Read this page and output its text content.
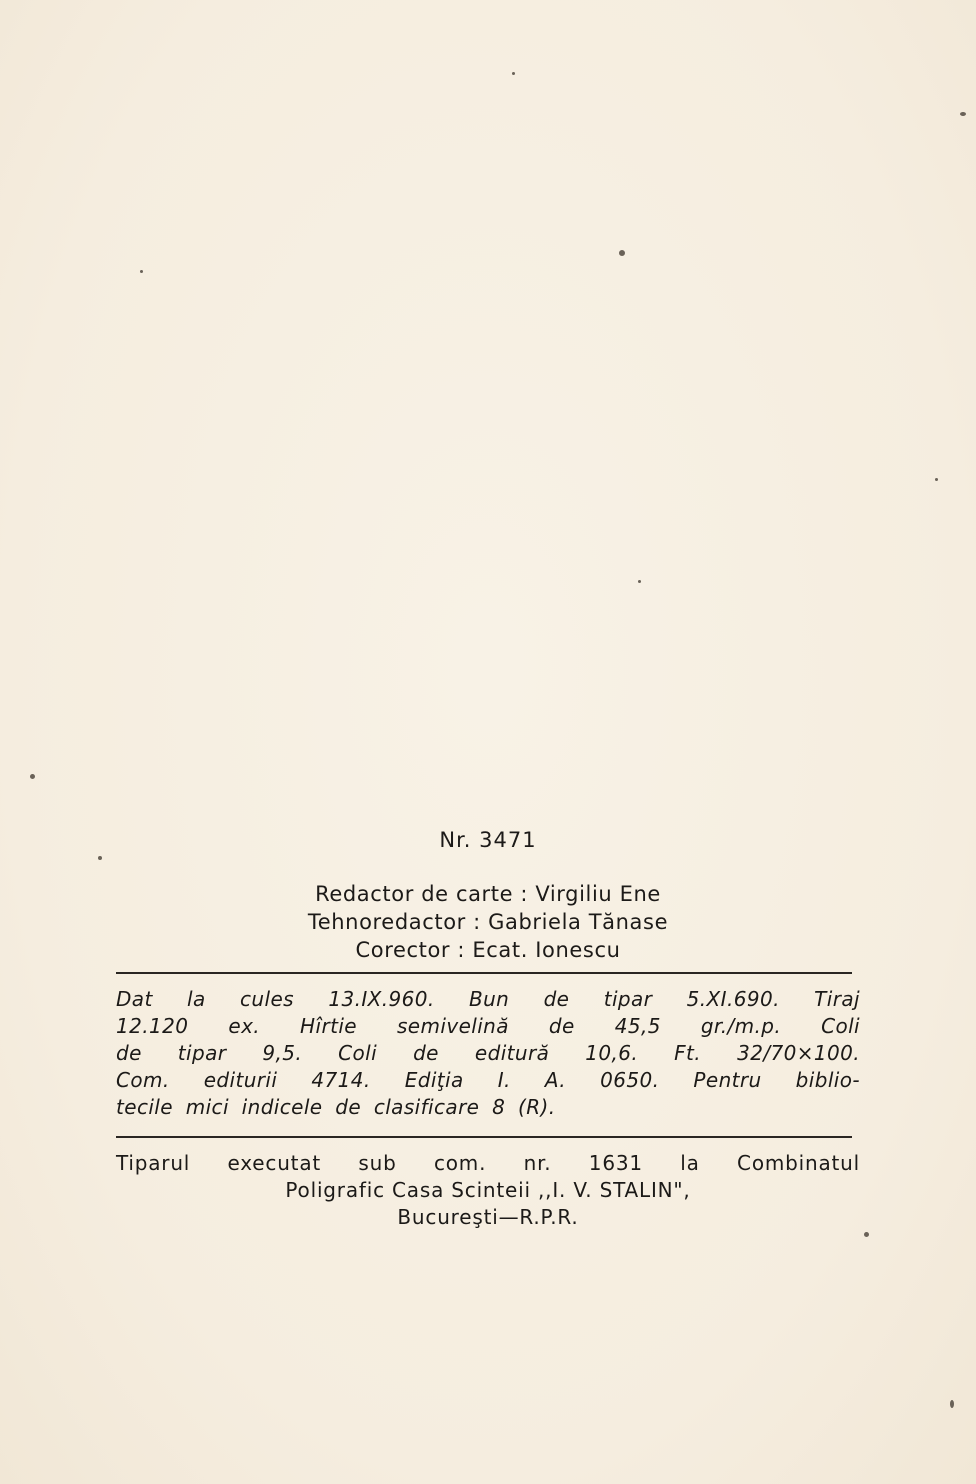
Nr. 3471
Redactor de carte : Virgiliu Ene
Tehnoredactor : Gabriela Tănase
Corector : Ecat. Ionescu
Dat la cules 13.IX.960. Bun de tipar 5.XI.690. Tiraj
12.120 ex. Hîrtie semivelină de 45,5 gr./m.p. Coli
de tipar 9,5. Coli de editură 10,6. Ft. 32/70×100.
Com. editurii 4714. Ediţia I. A. 0650. Pentru biblio-
tecile mici indicele de clasificare 8 (R).
Tiparul executat sub com. nr. 1631 la Combinatul
Poligrafic Casa Scinteii ,,I. V. STALIN",
Bucureşti—R.P.R.
